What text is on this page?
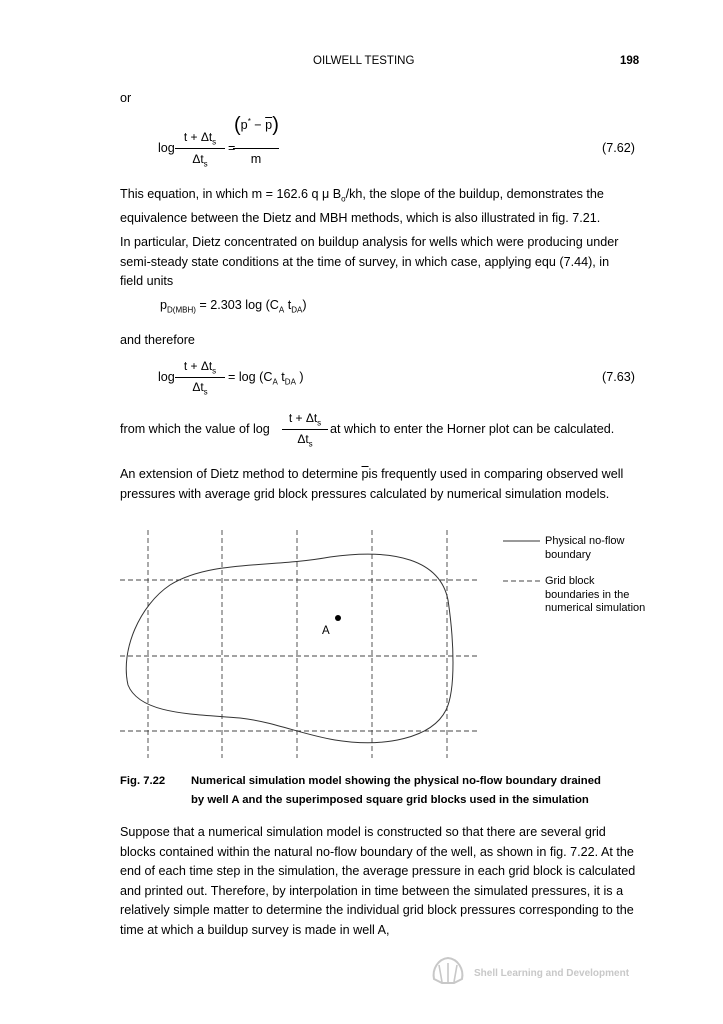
OILWELL TESTING	198
or
log
$t + \Delta t_s$
$\Delta t_s$
=
$(p^* - \overline{p})$
m
(7.62)
This equation, in which m = 162.6 q μ $B_o/kh$, the slope of the buildup, demonstrates the equivalence between the Dietz and MBH methods, which is also illustrated in fig. 7.21.
In particular, Dietz concentrated on buildup analysis for wells which were producing under semi-steady state conditions at the time of survey, in which case, applying equ (7.44), in field units
$p_{D(MBH)} = 2.303$ $\log (C_A$ $t_{DA}$)
and therefore
log
$t + \Delta t_s$
$\Delta t_s$
= $\log (C_A$ $t_{DA}$ )	(7.63)
from which the value of log
$t + \Delta t_s$
$\Delta t_s$
at which to enter the Horner plot can be calculated.
An extension of Dietz method to determine $\overline{p}is$ frequently used in comparing observed well pressures with average grid block pressures calculated by numerical simulation models.
A
Physical no-flow
boundary
Grid block
boundaries in the
numerical simulation
Fig. 7.22 Numerical simulation model showing the physical no-flow boundary drained
by well A and the superimposed square grid blocks used in the simulation
Suppose that a numerical simulation model is constructed so that there are several grid blocks contained within the natural no-flow boundary of the well, as shown in fig. 7.22. At the end of each time step in the simulation, the average pressure in each grid block is calculated and printed out. Therefore, by interpolation in time between the simulated pressures, it is a relatively simple matter to determine the individual grid block pressures corresponding to the time at which a buildup survey is made in well A,
Shell Learning and Development
